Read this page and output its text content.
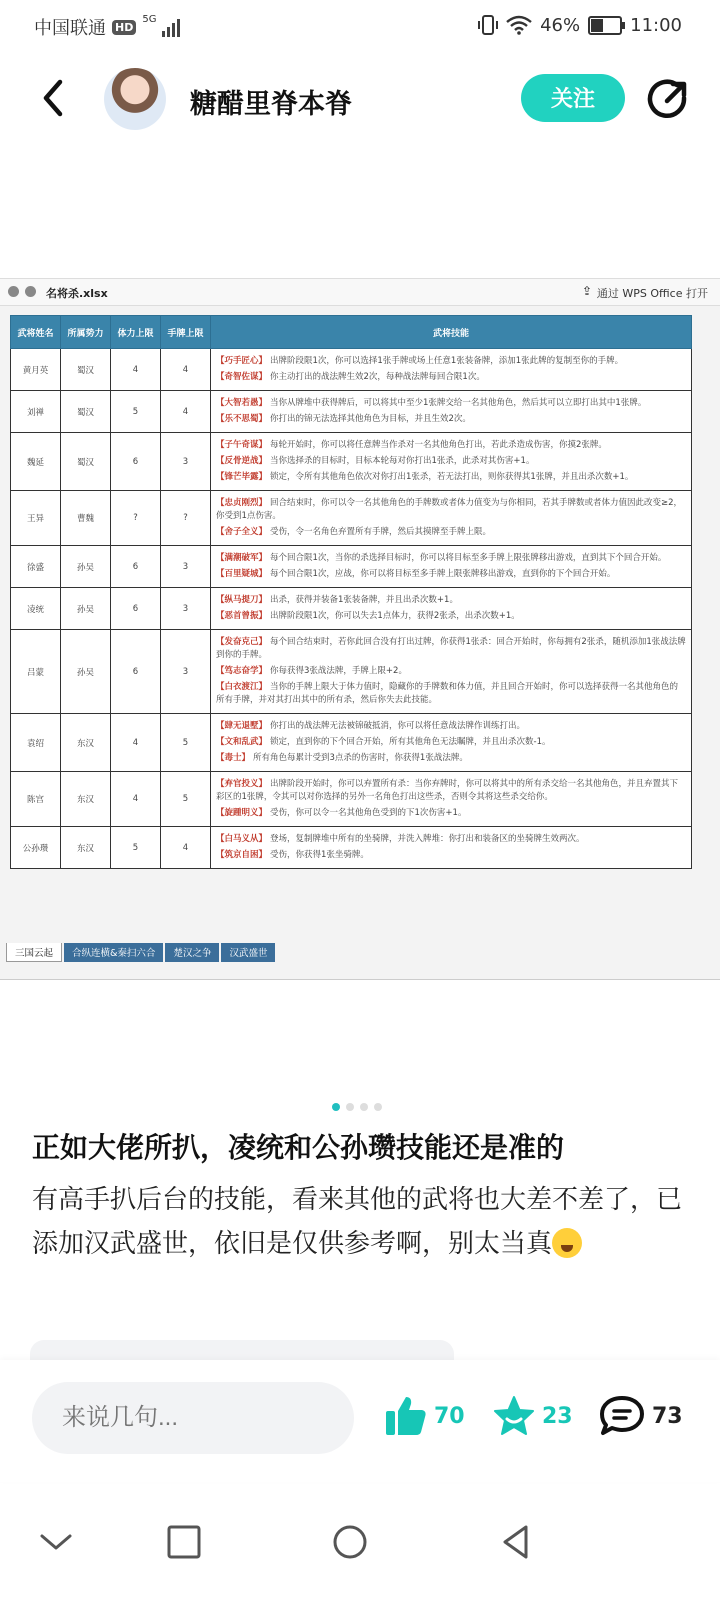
中国联通 HD
5G	46%	11:00
糖醋里脊本脊	关注
名将杀.xlsx	⇪ 通过 WPS Office 打开
武将姓名	所属势力	体力上限	手牌上限	武将技能
黄月英	蜀汉	4	4	【巧手匠心】 出牌阶段限1次，你可以选择1张手牌或场上任意1张装备牌，添加1张此牌的复制至你的手牌。
【奇智佐谋】 你主动打出的战法牌生效2次，每种战法牌每回合限1次。

刘禅	蜀汉	5	4	【大智若愚】 当你从牌堆中获得牌后，可以将其中至少1张牌交给一名其他角色，然后其可以立即打出其中1张牌。
【乐不思蜀】 你打出的锦无法选择其他角色为目标，并且生效2次。

魏延	蜀汉	6	3	【子午奇谋】 每轮开始时，你可以将任意牌当作杀对一名其他角色打出，若此杀造成伤害，你摸2张牌。
【反骨逆战】 当你选择杀的目标时，目标本轮每对你打出1张杀，此杀对其伤害+1。
【锋芒毕露】 锁定，令所有其他角色依次对你打出1张杀，若无法打出，则你获得其1张牌，并且出杀次数+1。

王异	曹魏	?	?	【忠贞刚烈】 回合结束时，你可以令一名其他角色的手牌数或者体力值变为与你相同，若其手牌数或者体力值因此改变≥2，你受到1点伤害。
【舍子全义】 受伤，令一名角色弃置所有手牌，然后其摸牌至手牌上限。

徐盛	孙吴	6	3	【满潮破军】 每个回合限1次，当你的杀选择目标时，你可以将目标至多手牌上限张牌移出游戏，直到其下个回合开始。
【百里疑城】 每个回合限1次，应战，你可以将目标至多手牌上限张牌移出游戏，直到你的下个回合开始。

凌统	孙吴	6	3	【纵马提刀】 出杀，获得并装备1张装备牌，并且出杀次数+1。
【恶首曾振】 出牌阶段限1次，你可以失去1点体力，获得2张杀，出杀次数+1。

吕蒙	孙吴	6	3	【发奋克己】 每个回合结束时，若你此回合没有打出过牌，你获得1张杀：回合开始时，你每拥有2张杀，随机添加1张战法牌到你的手牌。
【笃志奋学】 你每获得3张战法牌，手牌上限+2。
【白衣渡江】 当你的手牌上限大于体力值时，隐藏你的手牌数和体力值，并且回合开始时，你可以选择获得一名其他角色的所有手牌，并对其打出其中的所有杀，然后你失去此技能。

袁绍	东汉	4	5	【肆无退墅】 你打出的战法牌无法被锦破抵消，你可以将任意战法牌作训练打出。
【文和乱武】 锁定，直到你的下个回合开始，所有其他角色无法瞩牌，并且出杀次数-1。
【毒士】 所有角色每累计受到3点杀的伤害时，你获得1张战法牌。

陈宫	东汉	4	5	【弃官投义】 出牌阶段开始时，你可以弃置所有杀：当你弃牌时，你可以将其中的所有杀交给一名其他角色，并且弃置其下彩区的1张牌，令其可以对你选择的另外一名角色打出这些杀，否则令其将这些杀交给你。
【旋踵明义】 受伤，你可以令一名其他角色受到的下1次伤害+1。

公孙瓒	东汉	5	4	【白马义从】 登场，复制牌堆中所有的坐骑牌，并洗入牌堆：你打出和装备区的坐骑牌生效两次。
【筑京自困】 受伤，你获得1张坐骑牌。
三国云起	合纵连横&秦扫六合	楚汉之争	汉武盛世
正如大佬所扒，凌统和公孙瓒技能还是准的
有高手扒后台的技能，看来其他的武将也大差不差了，已添加汉武盛世，依旧是仅供参考啊，别太当真
来说几句...
70	23	73
